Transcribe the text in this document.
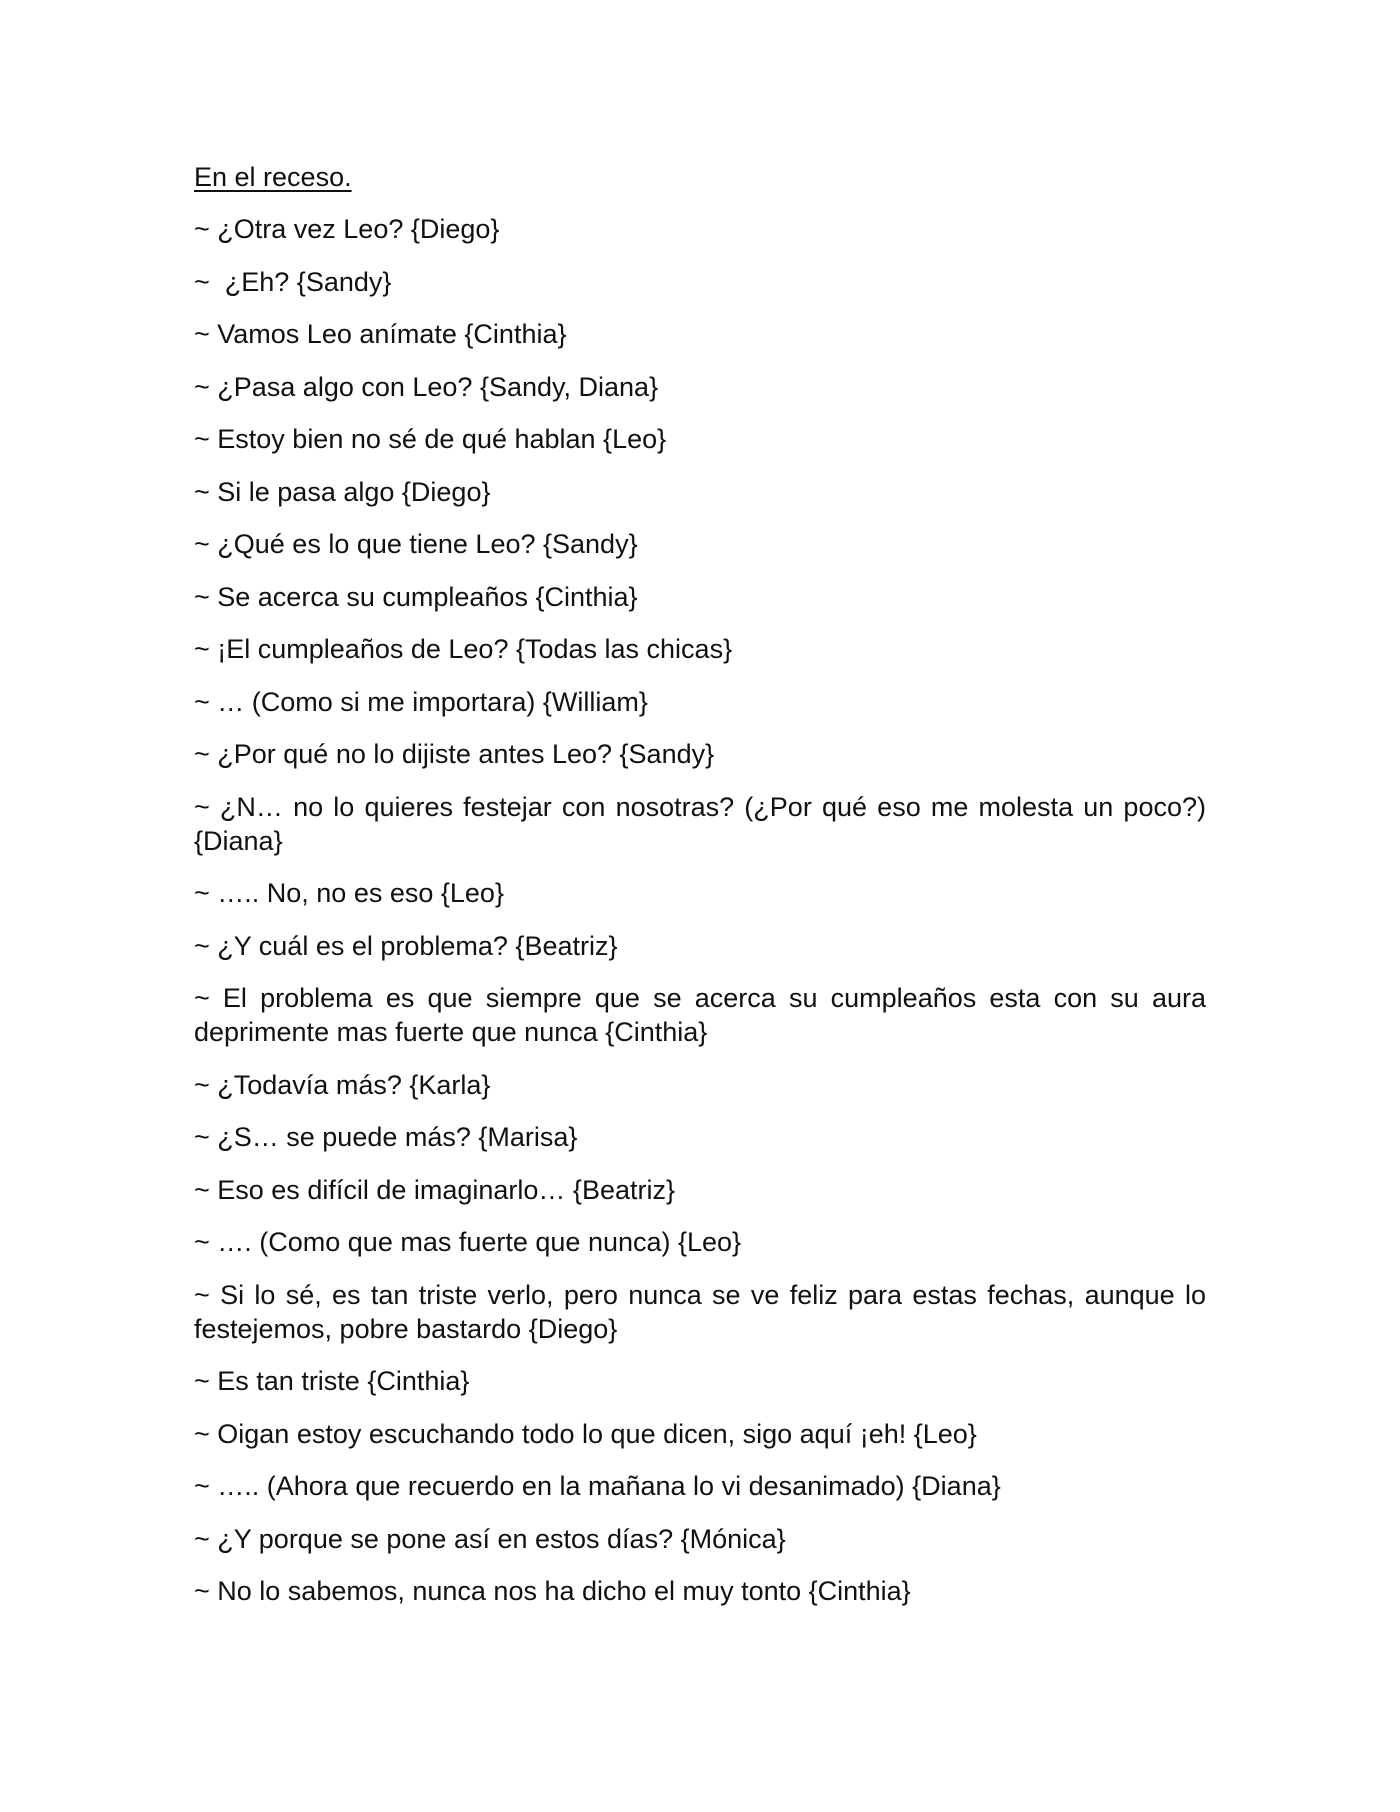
En el receso.
~ ¿Otra vez Leo? {Diego}
~  ¿Eh? {Sandy}
~ Vamos Leo anímate {Cinthia}
~ ¿Pasa algo con Leo? {Sandy, Diana}
~ Estoy bien no sé de qué hablan {Leo}
~ Si le pasa algo {Diego}
~ ¿Qué es lo que tiene Leo? {Sandy}
~ Se acerca su cumpleaños {Cinthia}
~ ¡El cumpleaños de Leo? {Todas las chicas}
~ … (Como si me importara) {William}
~ ¿Por qué no lo dijiste antes Leo? {Sandy}
~ ¿N… no lo quieres festejar con nosotras? (¿Por qué eso me molesta un poco?) {Diana}
~ ….. No, no es eso {Leo}
~ ¿Y cuál es el problema? {Beatriz}
~ El problema es que siempre que se acerca su cumpleaños esta con su aura deprimente mas fuerte que nunca {Cinthia}
~ ¿Todavía más? {Karla}
~ ¿S… se puede más? {Marisa}
~ Eso es difícil de imaginarlo… {Beatriz}
~ …. (Como que mas fuerte que nunca) {Leo}
~ Si lo sé, es tan triste verlo, pero nunca se ve feliz para estas fechas, aunque lo festejemos, pobre bastardo {Diego}
~ Es tan triste {Cinthia}
~ Oigan estoy escuchando todo lo que dicen, sigo aquí ¡eh! {Leo}
~ ….. (Ahora que recuerdo en la mañana lo vi desanimado) {Diana}
~ ¿Y porque se pone así en estos días? {Mónica}
~ No lo sabemos, nunca nos ha dicho el muy tonto {Cinthia}
